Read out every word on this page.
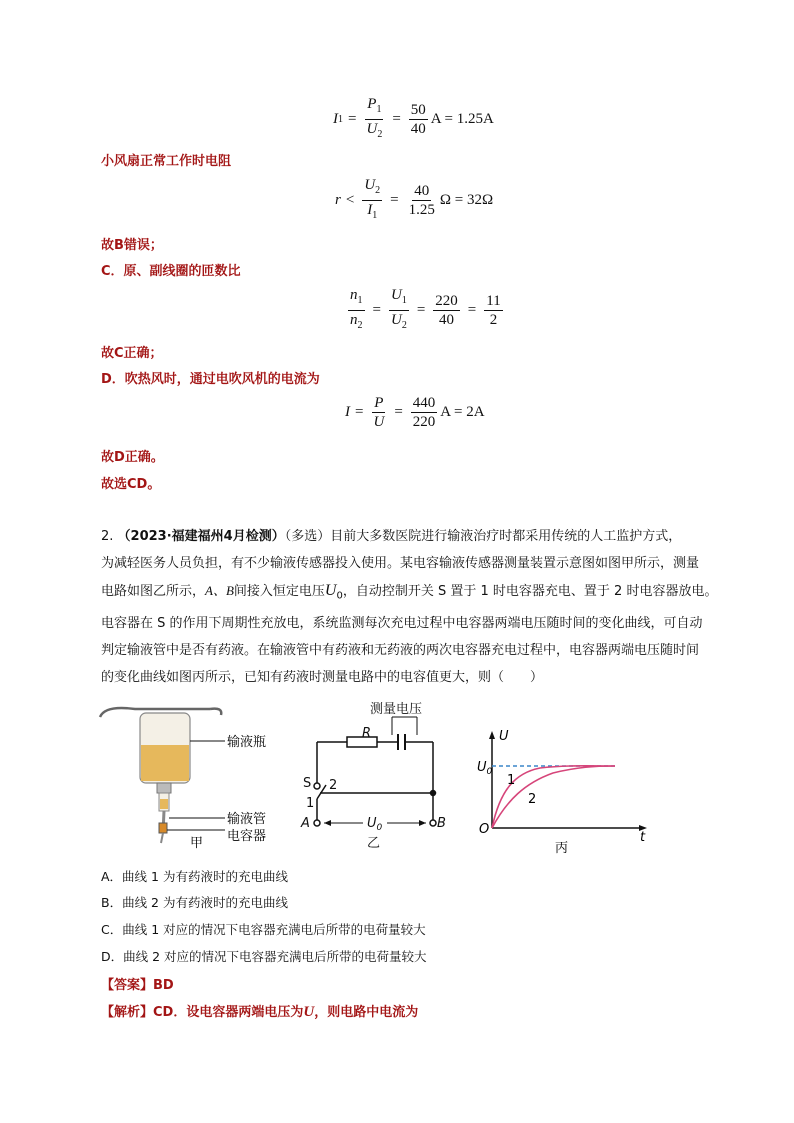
I $1 = \frac{P_1}{U_2} = \frac{50}{40}$ A = 1.25A
小风扇正常工作时电阻
$r < \frac{U_2}{I_1} = \frac{40}{1.25}$ Ω = 32Ω
故B错误；
C．原、副线圈的匝数比
$\frac{n_1}{n_2} = \frac{U_1}{U_2} = \frac{220}{40} = \frac{11}{2}$
故C正确；
D．吹热风时，通过电吹风机的电流为
$I = \frac{P}{U} = \frac{440}{220}$ A = 2A
故D正确。
故选CD。
2. （2023·福建福州4月检测）（多选）目前大多数医院进行输液治疗时都采用传统的人工监护方式，
为减轻医务人员负担，有不少输液传感器投入使用。某电容输液传感器测量装置示意图如图甲所示，测量
电路如图乙所示，A、B间接入恒定电压$U_0$，自动控制开关 S 置于 1 时电容器充电、置于 2 时电容器放电。
电容器在 S 的作用下周期性充放电，系统监测每次充电过程中电容器两端电压随时间的变化曲线，可自动
判定输液管中是否有药液。在输液管中有药液和无药液的两次电容器充电过程中，电容器两端电压随时间
的变化曲线如图丙所示，已知有药液时测量电路中的电容值更大，则（　　）
输液瓶
输液管
电容器
甲
测量电压
R
S
1
2
A	B
$U_0$
乙
U
$U_0$
1
2
O
t
丙
A．曲线 1 为有药液时的充电曲线
B．曲线 2 为有药液时的充电曲线
C．曲线 1 对应的情况下电容器充满电后所带的电荷量较大
D．曲线 2 对应的情况下电容器充满电后所带的电荷量较大
【答案】BD
【解析】CD．设电容器两端电压为U，则电路中电流为
